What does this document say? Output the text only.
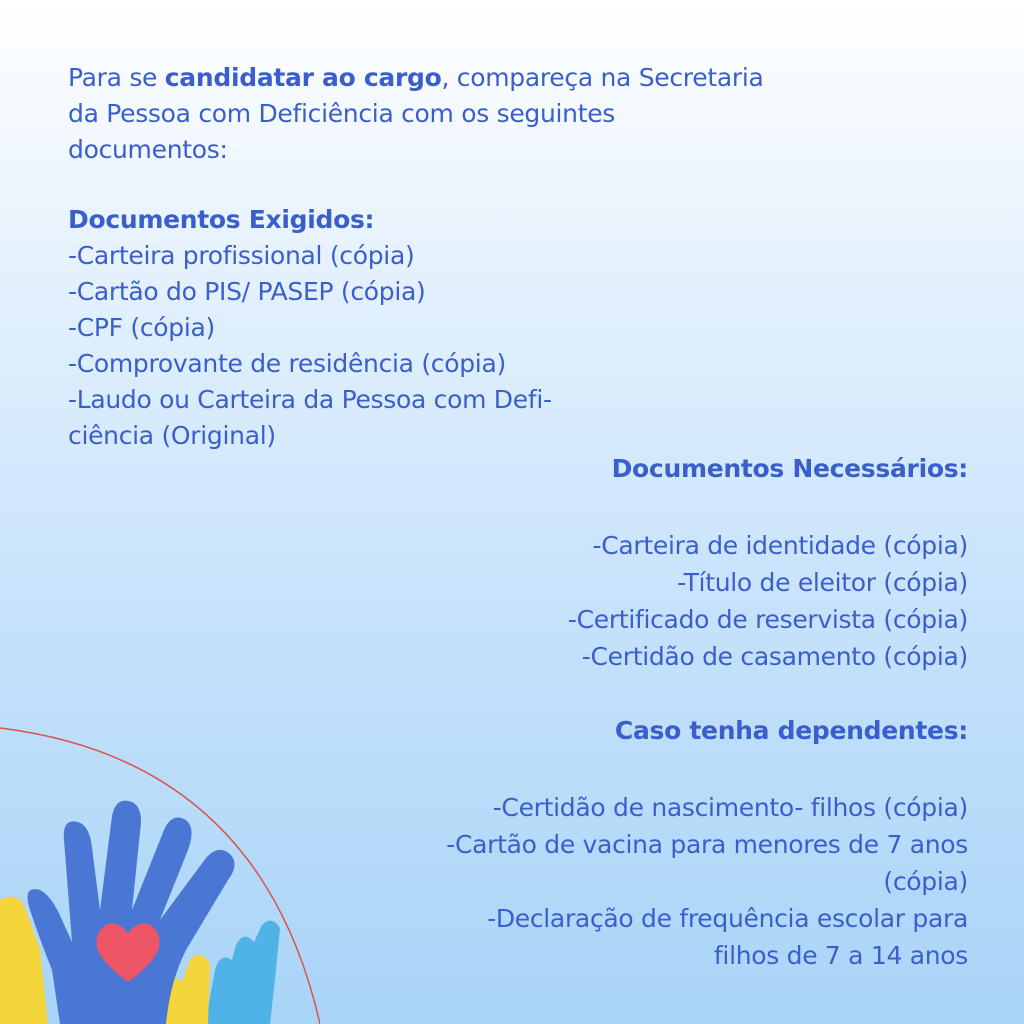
Para se candidatar ao cargo, compareça na Secretaria da Pessoa com Deficiência com os seguintes documentos:
Documentos Exigidos:
-Carteira profissional (cópia)
-Cartão do PIS/ PASEP (cópia)
-CPF (cópia)
-Comprovante de residência (cópia)
-Laudo ou Carteira da Pessoa com Defi-
ciência (Original)
Documentos Necessários:
-Carteira de identidade (cópia)
-Título de eleitor (cópia)
-Certificado de reservista (cópia)
-Certidão de casamento (cópia)
Caso tenha dependentes:
-Certidão de nascimento- filhos (cópia)
-Cartão de vacina para menores de 7 anos
(cópia)
-Declaração de frequência escolar para
filhos de 7 a 14 anos
